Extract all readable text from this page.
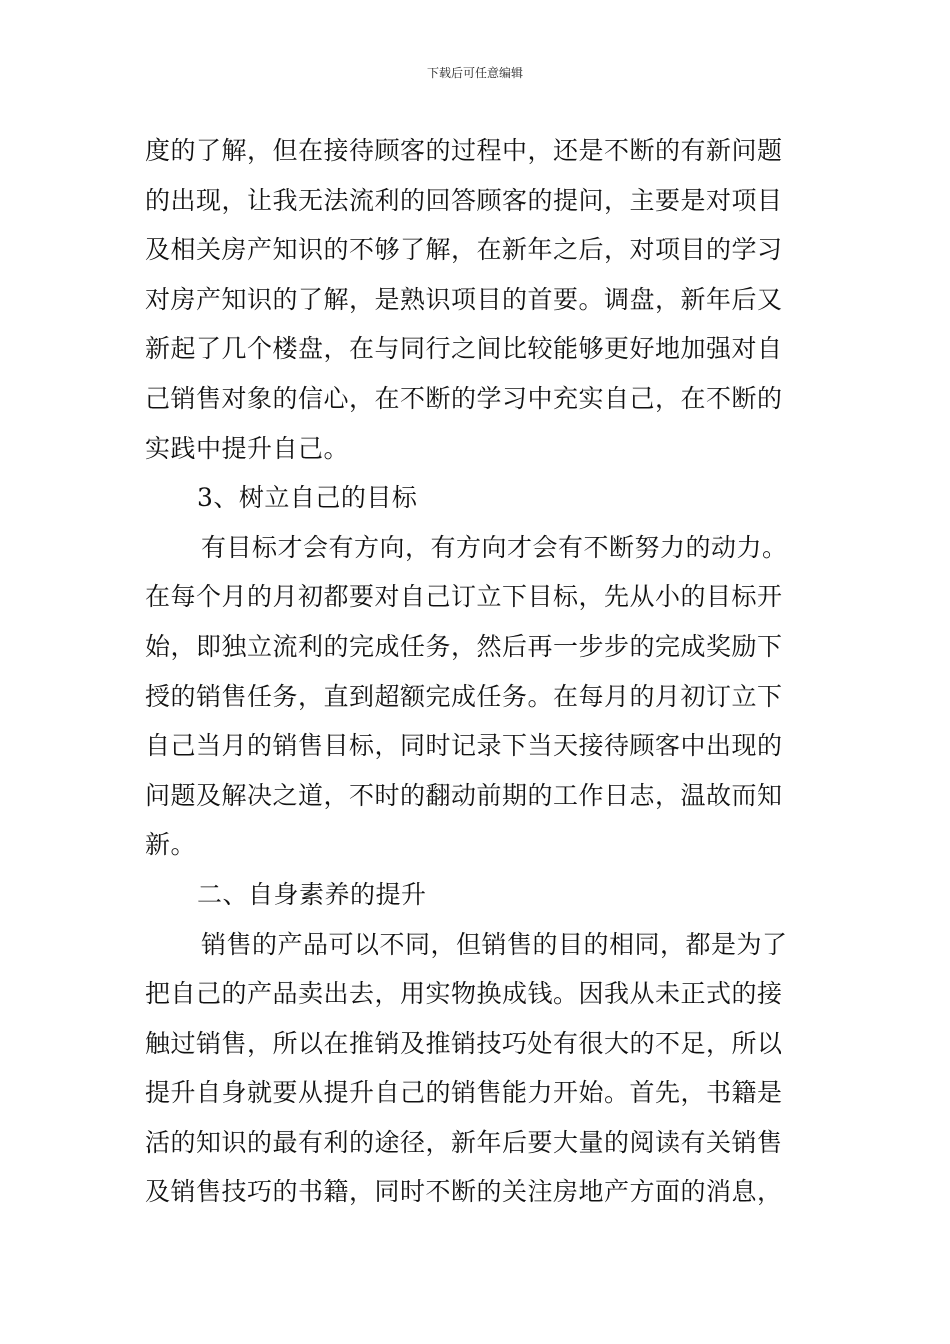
下载后可任意编辑
度的了解，但在接待顾客的过程中，还是不断的有新问题
的出现，让我无法流利的回答顾客的提问，主要是对项目
及相关房产知识的不够了解，在新年之后，对项目的学习
对房产知识的了解，是熟识项目的首要。调盘，新年后又
新起了几个楼盘，在与同行之间比较能够更好地加强对自
己销售对象的信心，在不断的学习中充实自己，在不断的
实践中提升自己。
3、树立自己的目标
有目标才会有方向，有方向才会有不断努力的动力。
在每个月的月初都要对自己订立下目标，先从小的目标开
始，即独立流利的完成任务，然后再一步步的完成奖励下
授的销售任务，直到超额完成任务。在每月的月初订立下
自己当月的销售目标，同时记录下当天接待顾客中出现的
问题及解决之道，不时的翻动前期的工作日志，温故而知
新。
二、自身素养的提升
销售的产品可以不同，但销售的目的相同，都是为了
把自己的产品卖出去，用实物换成钱。因我从未正式的接
触过销售，所以在推销及推销技巧处有很大的不足，所以
提升自身就要从提升自己的销售能力开始。首先，书籍是
活的知识的最有利的途径，新年后要大量的阅读有关销售
及销售技巧的书籍，同时不断的关注房地产方面的消息，
